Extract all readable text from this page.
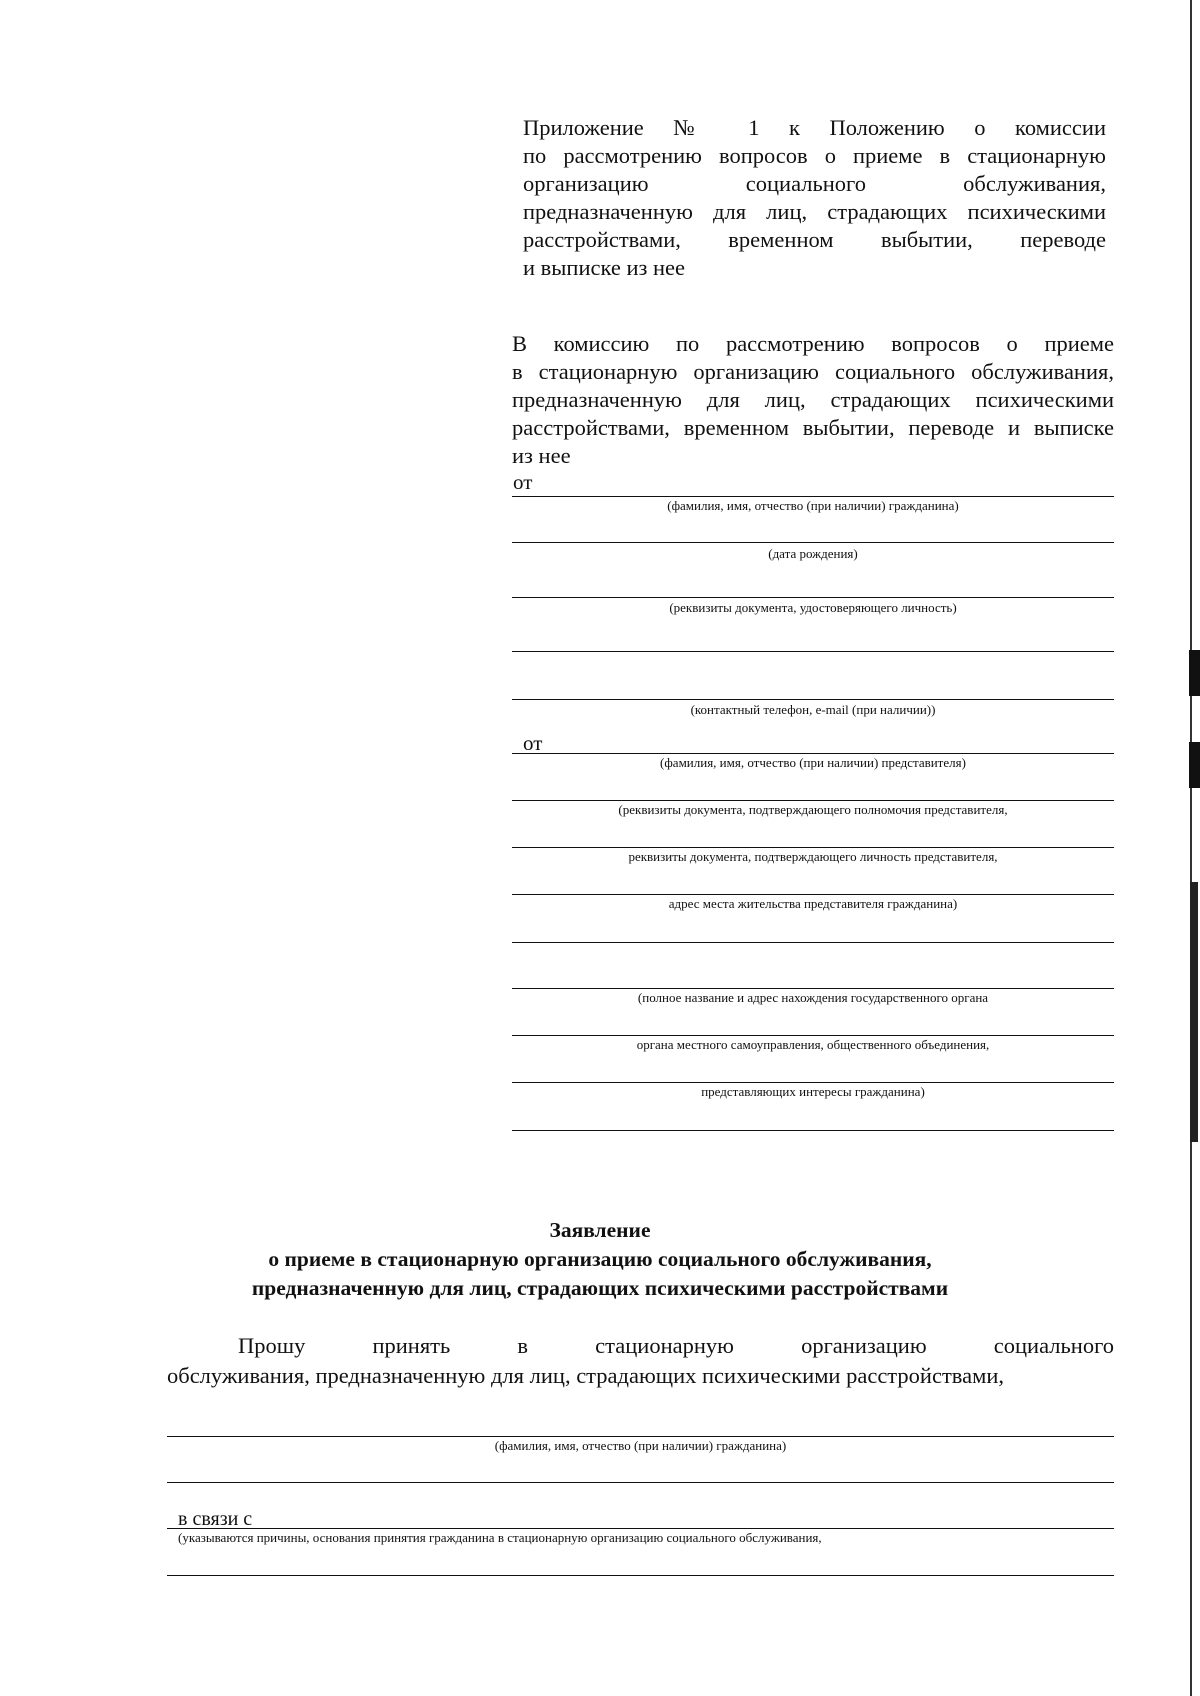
Приложение № 1 к Положению о комиссии
по рассмотрению вопросов о приеме в стационарную
организацию социального обслуживания,
предназначенную для лиц, страдающих психическими
расстройствами, временном выбытии, переводе
и выписке из нее
В комиссию по рассмотрению вопросов о приеме
в стационарную организацию социального обслуживания,
предназначенную для лиц, страдающих психическими
расстройствами, временном выбытии, переводе и выписке
из нее
от
(фамилия, имя, отчество (при наличии) гражданина)
(дата рождения)
(реквизиты документа, удостоверяющего личность)
(контактный телефон, e-mail (при наличии))
от
(фамилия, имя, отчество (при наличии) представителя)
(реквизиты документа, подтверждающего полномочия представителя,
реквизиты документа, подтверждающего личность представителя,
адрес места жительства представителя гражданина)
(полное название и адрес нахождения государственного органа
органа местного самоуправления, общественного объединения,
представляющих интересы гражданина)
Заявление
о приеме в стационарную организацию социального обслуживания,
предназначенную для лиц, страдающих психическими расстройствами
Прошу	принять	в	стационарную	организацию	социального
обслуживания, предназначенную для лиц, страдающих психическими расстройствами,
(фамилия, имя, отчество (при наличии) гражданина)
в связи с
(указываются причины, основания принятия гражданина в стационарную организацию социального обслуживания,
